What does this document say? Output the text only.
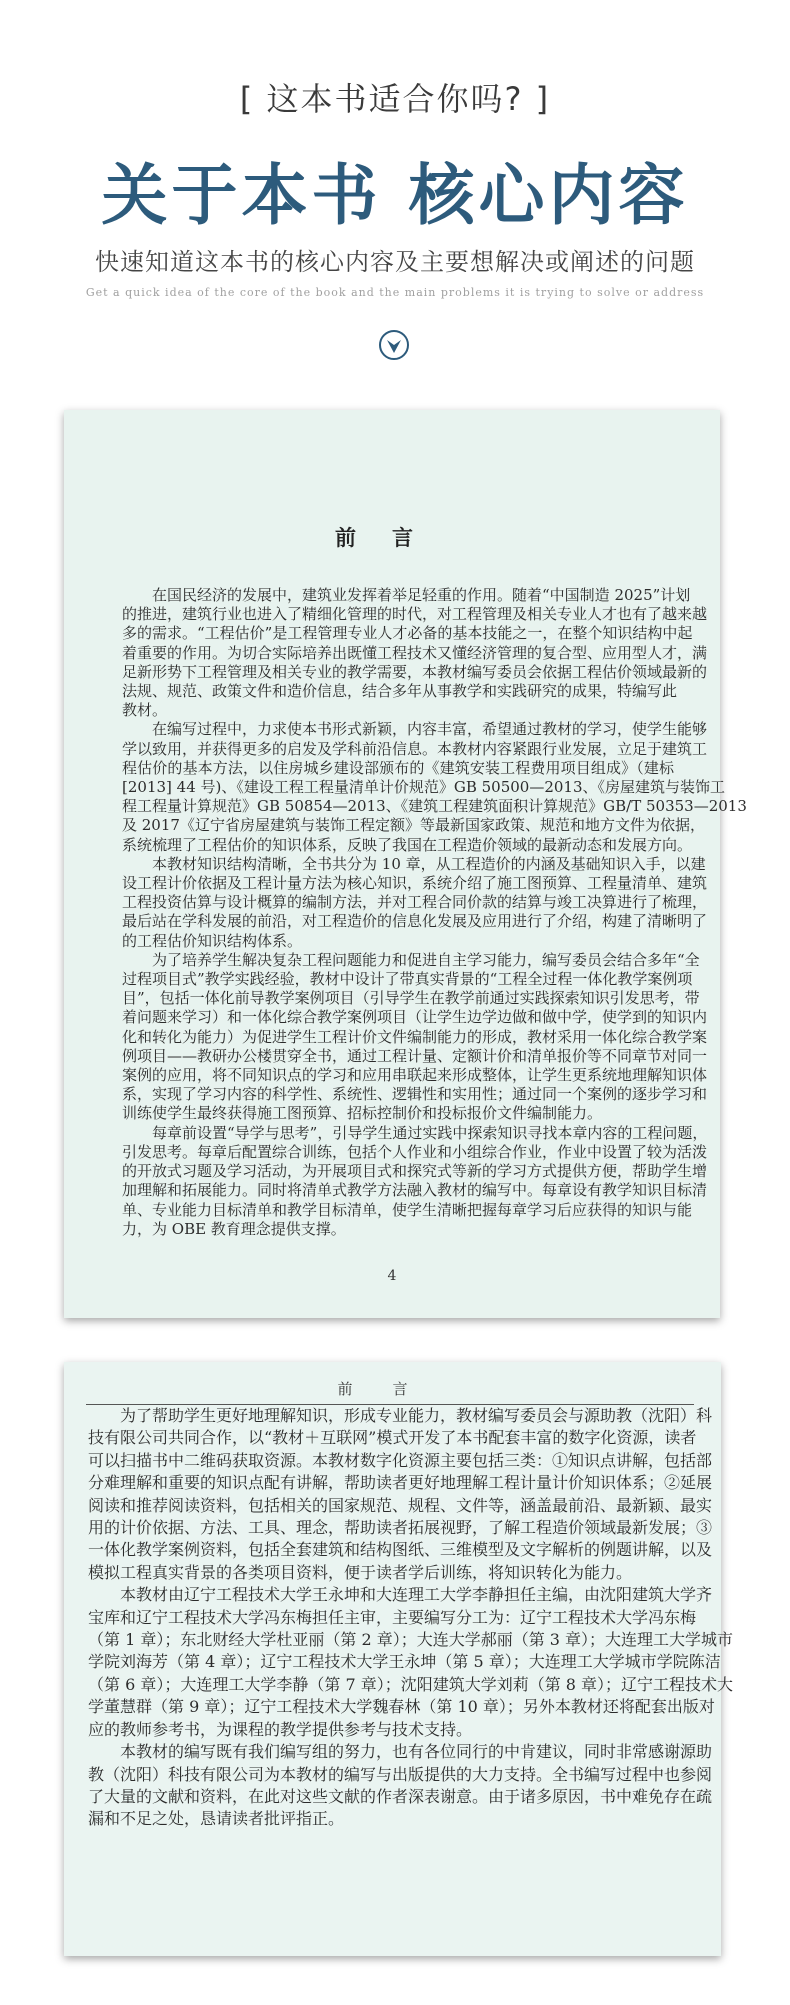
[ 这本书适合你吗? ]
关于本书 核心内容
快速知道这本书的核心内容及主要想解决或阐述的问题
Get a quick idea of the core of the book and the main problems it is trying to solve or address
前言
在国民经济的发展中，建筑业发挥着举足轻重的作用。随着“中国制造 2025”计划
的推进，建筑行业也进入了精细化管理的时代，对工程管理及相关专业人才也有了越来越
多的需求。“工程估价”是工程管理专业人才必备的基本技能之一，在整个知识结构中起
着重要的作用。为切合实际培养出既懂工程技术又懂经济管理的复合型、应用型人才，满
足新形势下工程管理及相关专业的教学需要，本教材编写委员会依据工程估价领域最新的
法规、规范、政策文件和造价信息，结合多年从事教学和实践研究的成果，特编写此
教材。
在编写过程中，力求使本书形式新颖，内容丰富，希望通过教材的学习，使学生能够
学以致用，并获得更多的启发及学科前沿信息。本教材内容紧跟行业发展，立足于建筑工
程估价的基本方法，以住房城乡建设部颁布的《建筑安装工程费用项目组成》（建标
[2013] 44 号)、《建设工程工程量清单计价规范》GB 50500—2013、《房屋建筑与装饰工
程工程量计算规范》GB 50854—2013、《建筑工程建筑面积计算规范》GB/T 50353—2013
及 2017《辽宁省房屋建筑与装饰工程定额》等最新国家政策、规范和地方文件为依据，
系统梳理了工程估价的知识体系，反映了我国在工程造价领域的最新动态和发展方向。
本教材知识结构清晰，全书共分为 10 章，从工程造价的内涵及基础知识入手，以建
设工程计价依据及工程计量方法为核心知识，系统介绍了施工图预算、工程量清单、建筑
工程投资估算与设计概算的编制方法，并对工程合同价款的结算与竣工决算进行了梳理，
最后站在学科发展的前沿，对工程造价的信息化发展及应用进行了介绍，构建了清晰明了
的工程估价知识结构体系。
为了培养学生解决复杂工程问题能力和促进自主学习能力，编写委员会结合多年“全
过程项目式”教学实践经验，教材中设计了带真实背景的“工程全过程一体化教学案例项
目”，包括一体化前导教学案例项目（引导学生在教学前通过实践探索知识引发思考，带
着问题来学习）和一体化综合教学案例项目（让学生边学边做和做中学，使学到的知识内
化和转化为能力）为促进学生工程计价文件编制能力的形成，教材采用一体化综合教学案
例项目——教研办公楼贯穿全书，通过工程计量、定额计价和清单报价等不同章节对同一
案例的应用，将不同知识点的学习和应用串联起来形成整体，让学生更系统地理解知识体
系，实现了学习内容的科学性、系统性、逻辑性和实用性；通过同一个案例的逐步学习和
训练使学生最终获得施工图预算、招标控制价和投标报价文件编制能力。
每章前设置“导学与思考”，引导学生通过实践中探索知识寻找本章内容的工程问题，
引发思考。每章后配置综合训练，包括个人作业和小组综合作业，作业中设置了较为活泼
的开放式习题及学习活动，为开展项目式和探究式等新的学习方式提供方便，帮助学生增
加理解和拓展能力。同时将清单式教学方法融入教材的编写中。每章设有教学知识目标清
单、专业能力目标清单和教学目标清单，使学生清晰把握每章学习后应获得的知识与能
力，为 OBE 教育理念提供支撑。
4
前言
为了帮助学生更好地理解知识，形成专业能力，教材编写委员会与源助教（沈阳）科
技有限公司共同合作，以“教材＋互联网”模式开发了本书配套丰富的数字化资源，读者
可以扫描书中二维码获取资源。本教材数字化资源主要包括三类：①知识点讲解，包括部
分难理解和重要的知识点配有讲解，帮助读者更好地理解工程计量计价知识体系；②延展
阅读和推荐阅读资料，包括相关的国家规范、规程、文件等，涵盖最前沿、最新颖、最实
用的计价依据、方法、工具、理念，帮助读者拓展视野，了解工程造价领域最新发展；③
一体化教学案例资料，包括全套建筑和结构图纸、三维模型及文字解析的例题讲解，以及
模拟工程真实背景的各类项目资料，便于读者学后训练，将知识转化为能力。
本教材由辽宁工程技术大学王永坤和大连理工大学李静担任主编，由沈阳建筑大学齐
宝库和辽宁工程技术大学冯东梅担任主审，主要编写分工为：辽宁工程技术大学冯东梅
（第 1 章）；东北财经大学杜亚丽（第 2 章）；大连大学郝丽（第 3 章）；大连理工大学城市
学院刘海芳（第 4 章）；辽宁工程技术大学王永坤（第 5 章）；大连理工大学城市学院陈洁
（第 6 章）；大连理工大学李静（第 7 章）；沈阳建筑大学刘莉（第 8 章）；辽宁工程技术大
学董慧群（第 9 章）；辽宁工程技术大学魏春林（第 10 章）；另外本教材还将配套出版对
应的教师参考书，为课程的教学提供参考与技术支持。
本教材的编写既有我们编写组的努力，也有各位同行的中肯建议，同时非常感谢源助
教（沈阳）科技有限公司为本教材的编写与出版提供的大力支持。全书编写过程中也参阅
了大量的文献和资料，在此对这些文献的作者深表谢意。由于诸多原因，书中难免存在疏
漏和不足之处，恳请读者批评指正。
